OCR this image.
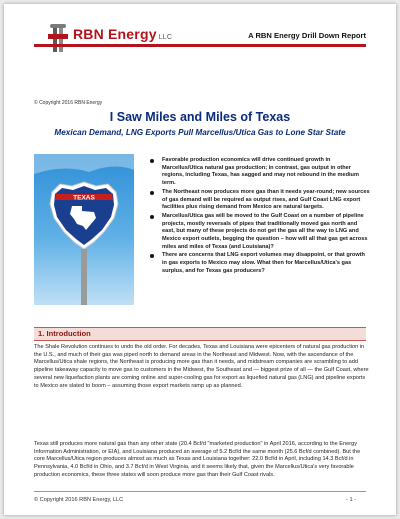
RBN Energy LLC	A RBN Energy Drill Down Report
© Copyright 2016 RBN Energy
I Saw Miles and Miles of Texas
Mexican Demand, LNG Exports Pull Marcellus/Utica Gas to Lone Star State
TEXAS
Favorable production economics will drive continued growth in Marcellus/Utica natural gas production; in contrast, gas output in other regions, including Texas, has sagged and may not rebound in the medium term.
The Northeast now produces more gas than it needs year-round; new sources of gas demand will be required as output rises, and Gulf Coast LNG export facilities plus rising demand from Mexico are natural targets.
Marcellus/Utica gas will be moved to the Gulf Coast on a number of pipeline projects, mostly reversals of pipes that traditionally moved gas north and east, but many of these projects do not get the gas all the way to LNG and Mexico export outlets, begging the question – how will all that gas get across miles and miles of Texas (and Louisiana)?
There are concerns that LNG export volumes may disappoint, or that growth in gas exports to Mexico may slow. What then for Marcellus/Utica's gas surplus, and for Texas gas producers?
1. Introduction

The Shale Revolution continues to undo the old order. For decades, Texas and Louisiana were epicenters of natural gas production in the U.S., and much of their gas was piped north to demand areas in the Northeast and Midwest. Now, with the ascendance of the Marcellus/Utica shale regions, the Northeast is producing more gas than it needs, and midstream companies are scrambling to add pipeline takeaway capacity to move gas to customers in the Midwest, the Southeast and — biggest prize of all — the Gulf Coast, where several new liquefaction plants are coming online and super-cooling gas for export as liquefied natural gas (LNG) and pipeline exports to Mexico are slated to boom – assuming those export markets ramp up as planned.

Texas still produces more natural gas than any other state (20.4 Bcf/d "marketed production" in April 2016, according to the Energy Information Administration, or EIA), and Louisiana produced an average of 5.2 Bcf/d the same month (25.6 Bcf/d combined). But the core Marcellus/Utica region produces almost as much as Texas and Louisiana together: 22.0 Bcf/d in April, including 14.3 Bcf/d in Pennsylvania, 4.0 Bcf/d in Ohio, and 3.7 Bcf/d in West Virginia, and it seems likely that, given the Marcellus/Utica's very favorable production economics, these three states will soon produce more gas than their Gulf Coast rivals.

© Copyright 2016 RBN Energy, LLC	- 1 -
